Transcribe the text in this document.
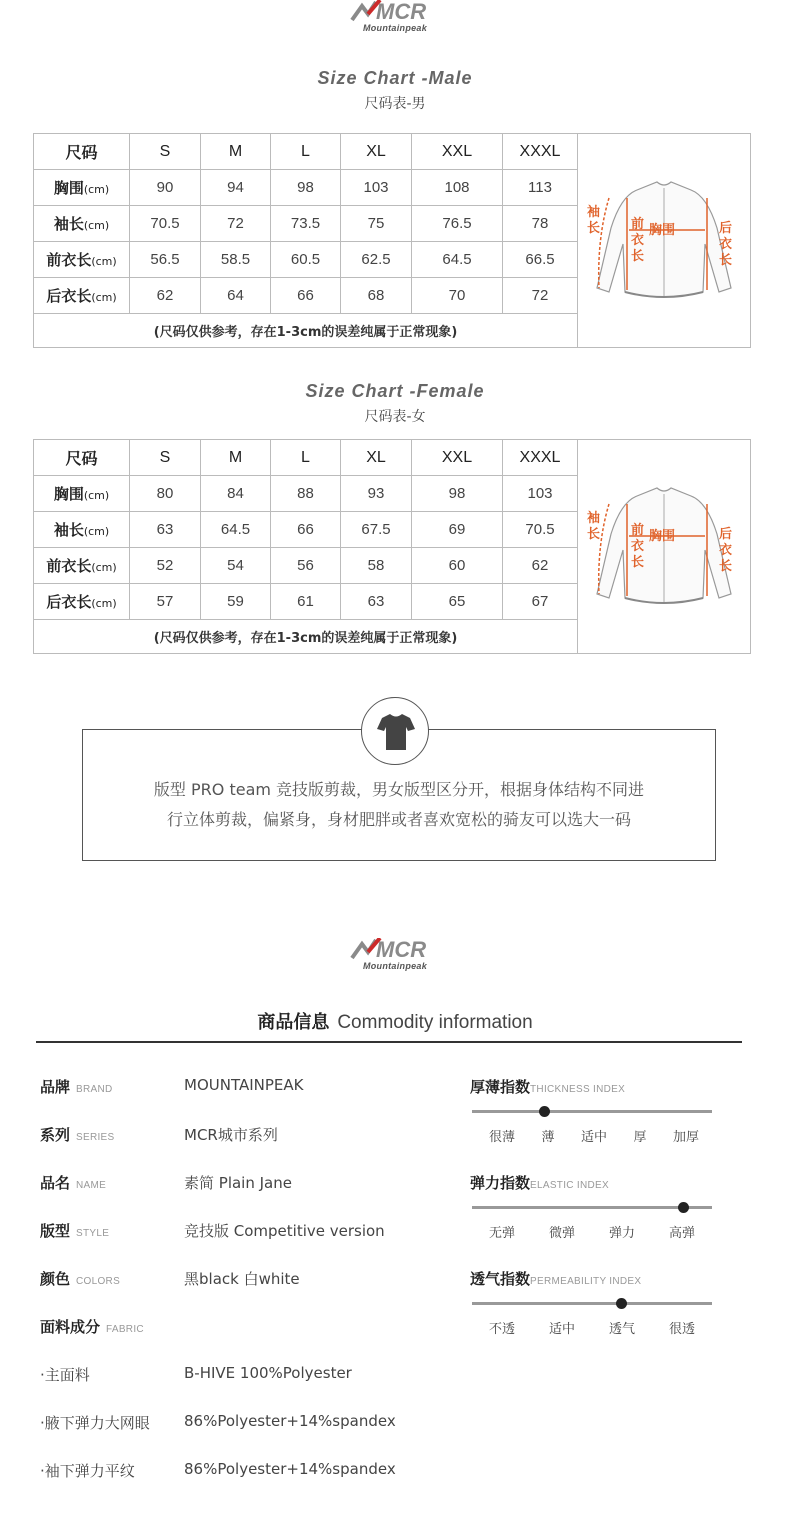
MCR
Mountainpeak
Size Chart -Male
尺码表-男
尺码	S	M	L	XL	XXL	XXXL	袖长 前衣长
胸围 后衣长

胸围(cm)	90	94	98	103	108	113	
袖长(cm)	70.5	72	73.5	75	76.5	78	
前衣长(cm)	56.5	58.5	60.5	62.5	64.5	66.5	
后衣长(cm)	62	64	66	68	70	72	
(尺码仅供参考，存在1-3cm的误差纯属于正常现象)							
Size Chart -Female
尺码表-女
尺码	S	M	L	XL	XXL	XXXL	袖长 前衣长
胸围 后衣长

胸围(cm)	80	84	88	93	98	103	
袖长(cm)	63	64.5	66	67.5	69	70.5	
前衣长(cm)	52	54	56	58	60	62	
后衣长(cm)	57	59	61	63	65	67	
(尺码仅供参考，存在1-3cm的误差纯属于正常现象)							
版型 PRO team 竞技版剪裁，男女版型区分开，根据身体结构不同进
行立体剪裁，偏紧身，身材肥胖或者喜欢宽松的骑友可以选大一码
MCR
Mountainpeak
商品信息 Commodity information
品牌 BRAND	MOUNTAINPEAK
系列 SERIES	MCR城市系列
品名 NAME	素简 Plain Jane
版型 STYLE	竞技版 Competitive version
颜色 COLORS	黑black 白white
面料成分 FABRIC
·主面料	B-HIVE 100%Polyester
·腋下弹力大网眼 86%Polyester+14%spandex
·袖下弹力平纹	86%Polyester+14%spandex
厚薄指数THICKNESS INDEX
很薄 薄 适中 厚 加厚
弹力指数ELASTIC INDEX
无弹	微弹	弹力	高弹
透气指数PERMEABILITY INDEX
不透	适中	透气	很透
